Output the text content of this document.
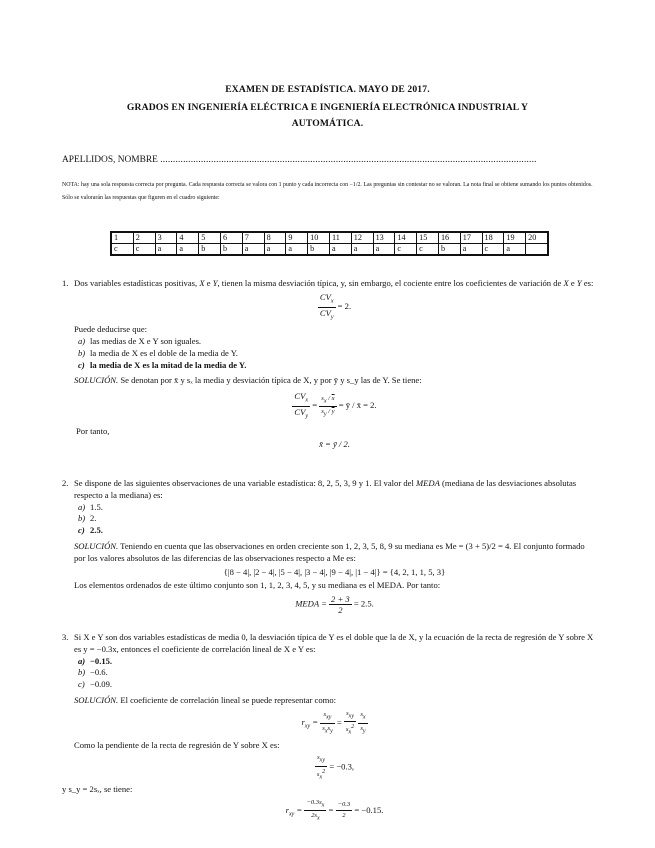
EXAMEN DE ESTADÍSTICA. MAYO DE 2017.
GRADOS EN INGENIERÍA ELÉCTRICA E INGENIERÍA ELECTRÓNICA INDUSTRIAL Y
AUTOMÁTICA.
APELLIDOS, NOMBRE ....................................................................................................................................................
NOTA: hay una sola respuesta correcta por pregunta. Cada respuesta correcta se valora con 1 punto y cada incorrecta con −1/2. Las preguntas sin contestar no se valoran. La nota final se obtiene sumando los puntos obtenidos. Sólo se valorarán las respuestas que figuren en el cuadro siguiente:
1	2	3	4	5	6	7	8	9	10	11	12	13	14	15	16	17	18	19	20
c	c	a	a	b	b	a	a	a	b	a	a	a	c	c	b	a	c	a	
1. Dos variables estadísticas positivas, X e Y, tienen la misma desviación típica, y, sin embargo, el cociente entre los coeficientes de variación de X e Y es:
$\frac{CV_x}{CV_y} = 2$.
Puede deducirse que:
a) las medias de X e Y son iguales.
b) la media de X es el doble de la media de Y.
c) la media de X es la mitad de la media de Y.
SOLUCIÓN. Se denotan por x̄ y sₓ la media y desviación típica de X, y por ȳ y s_y las de Y. Se tiene:
$\frac{CV_x}{CV_y} = \frac{s_x / \overline{x}}{s_y / \overline{y}}$ = ȳ / x̄ = 2.
Por tanto,
x̄ = ȳ / 2.
2. Se dispone de las siguientes observaciones de una variable estadística: 8, 2, 5, 3, 9 y 1. El valor del MEDA (mediana de las desviaciones absolutas respecto a la mediana) es:
a) 1.5.
b) 2.
c) 2.5.
SOLUCIÓN. Teniendo en cuenta que las observaciones en orden creciente son 1, 2, 3, 5, 8, 9 su mediana es Me = (3 + 5)/2 = 4. El conjunto formado por los valores absolutos de las diferencias de las observaciones respecto a Me es:
{|8 − 4|, |2 − 4|, |5 − 4|, |3 − 4|, |9 − 4|, |1 − 4|} = {4, 2, 1, 1, 5, 3}
Los elementos ordenados de este último conjunto son 1, 1, 2, 3, 4, 5, y su mediana es el MEDA. Por tanto:
MEDA = $\frac{2 + 3}{2} = 2.5$.
3. Si X e Y son dos variables estadísticas de media 0, la desviación típica de Y es el doble que la de X, y la ecuación de la recta de regresión de Y sobre X es y = −0.3x, entonces el coeficiente de correlación lineal de X e Y es:
a) −0.15.
b) −0.6.
c) −0.09.
SOLUCIÓN. El coeficiente de correlación lineal se puede representar como:
$r_{xy} = \frac{s_{xy}}{s_xs_y} = \frac{s_{xy}}{s_x^2}$
$\frac{s_x}{s_y}$
Como la pendiente de la recta de regresión de Y sobre X es:
$\frac{s_{xy}}{s_x^2} = -0.3$,
y s_y = 2sₓ, se tiene:
$r_{xy} = \frac{-0.3s_x}{2s_x} = \frac{-0.3}{2} = -0.15$.
